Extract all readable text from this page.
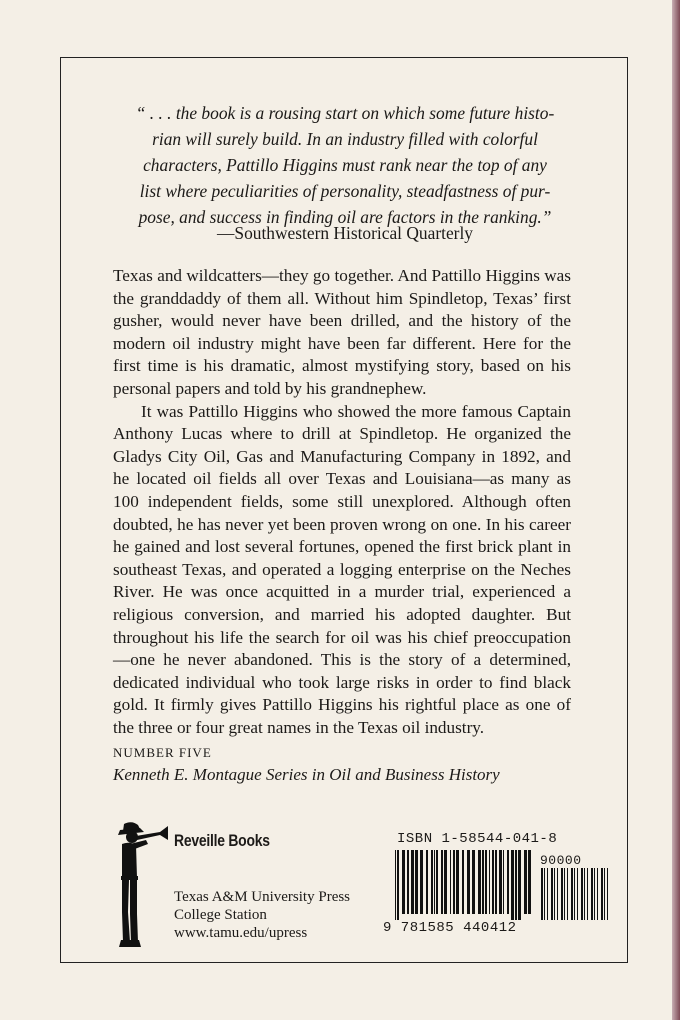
“ . . . the book is a rousing start on which some future histo-
rian will surely build. In an industry filled with colorful
characters, Pattillo Higgins must rank near the top of any
list where peculiarities of personality, steadfastness of pur-
pose, and success in finding oil are factors in the ranking.”
—Southwestern Historical Quarterly

Texas and wildcatters—they go together. And Pattillo Higgins was the granddaddy of them all. Without him Spindletop, Texas’ first gusher, would never have been drilled, and the history of the modern oil industry might have been far different. Here for the first time is his dramatic, almost mystifying story, based on his personal papers and told by his grandnephew.

It was Pattillo Higgins who showed the more famous Captain Anthony Lucas where to drill at Spindletop. He organized the Gladys City Oil, Gas and Manufacturing Company in 1892, and he located oil fields all over Texas and Louisiana—as many as 100 independent fields, some still unexplored. Although often doubted, he has never yet been proven wrong on one. In his career he gained and lost several fortunes, opened the first brick plant in southeast Texas, and operated a logging enterprise on the Neches River. He was once acquitted in a murder trial, experienced a religious conversion, and married his adopted daughter. But throughout his life the search for oil was his chief preoccupation—one he never abandoned. This is the story of a determined, dedicated individual who took large risks in order to find black gold. It firmly gives Pattillo Higgins his rightful place as one of the three or four great names in the Texas oil industry.

NUMBER FIVE
Kenneth E. Montague Series in Oil and Business History
Reveille Books
Texas A&M University Press
College Station
www.tamu.edu/upress
ISBN 1-58544-041-8
90000
9 781585 440412
